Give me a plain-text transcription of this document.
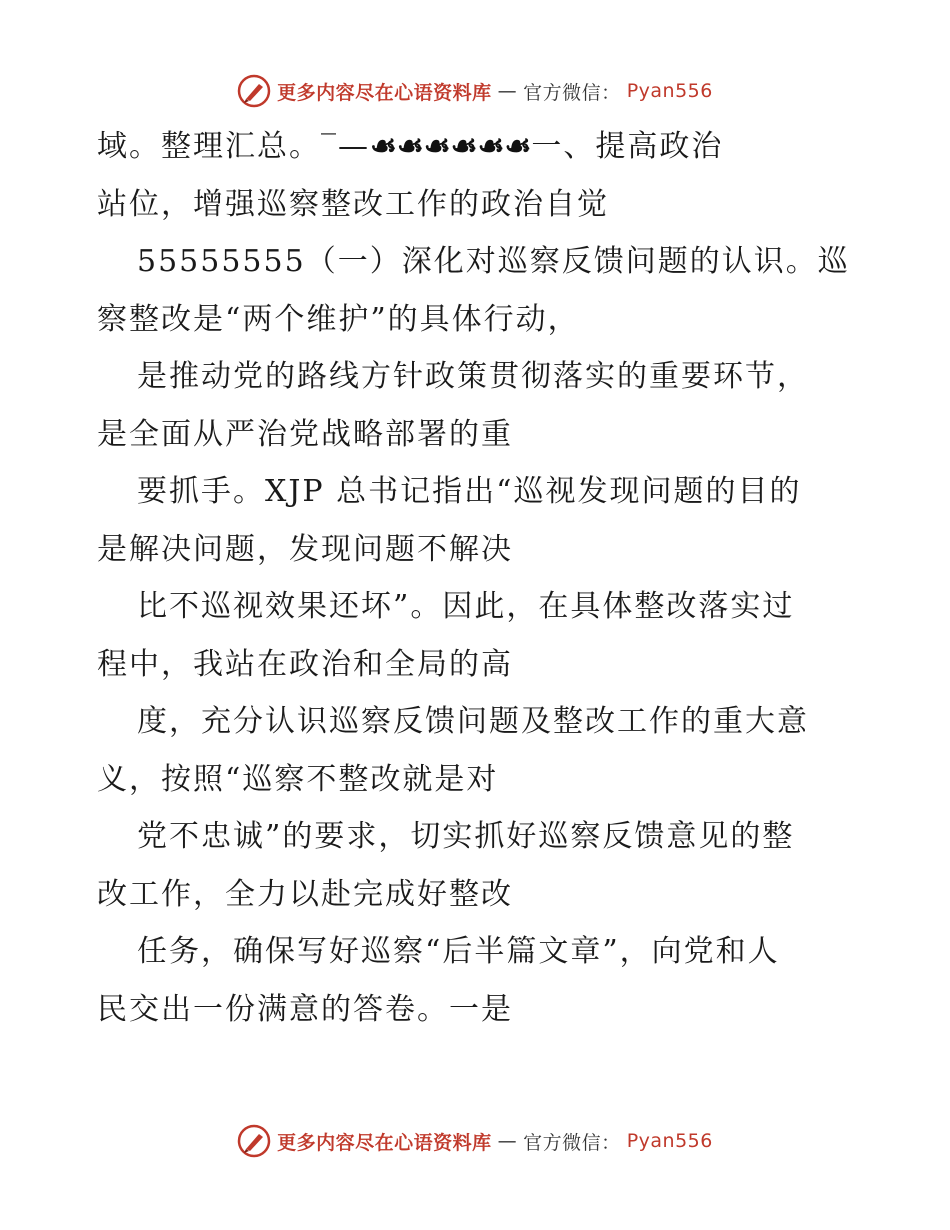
更多内容尽在心语资料库 — 官方微信： Pyan556
域。整理汇总。‾—☙☙☙☙☙☙一、提高政治
站位，增强巡察整改工作的政治自觉
55555555（一）深化对巡察反馈问题的认识。巡
察整改是“两个维护”的具体行动，
是推动党的路线方针政策贯彻落实的重要环节，
是全面从严治党战略部署的重
要抓手。XJP 总书记指出“巡视发现问题的目的
是解决问题，发现问题不解决
比不巡视效果还坏”。因此，在具体整改落实过
程中，我站在政治和全局的高
度，充分认识巡察反馈问题及整改工作的重大意
义，按照“巡察不整改就是对
党不忠诚”的要求，切实抓好巡察反馈意见的整
改工作，全力以赴完成好整改
任务，确保写好巡察“后半篇文章”，向党和人
民交出一份满意的答卷。一是
更多内容尽在心语资料库 — 官方微信： Pyan556
